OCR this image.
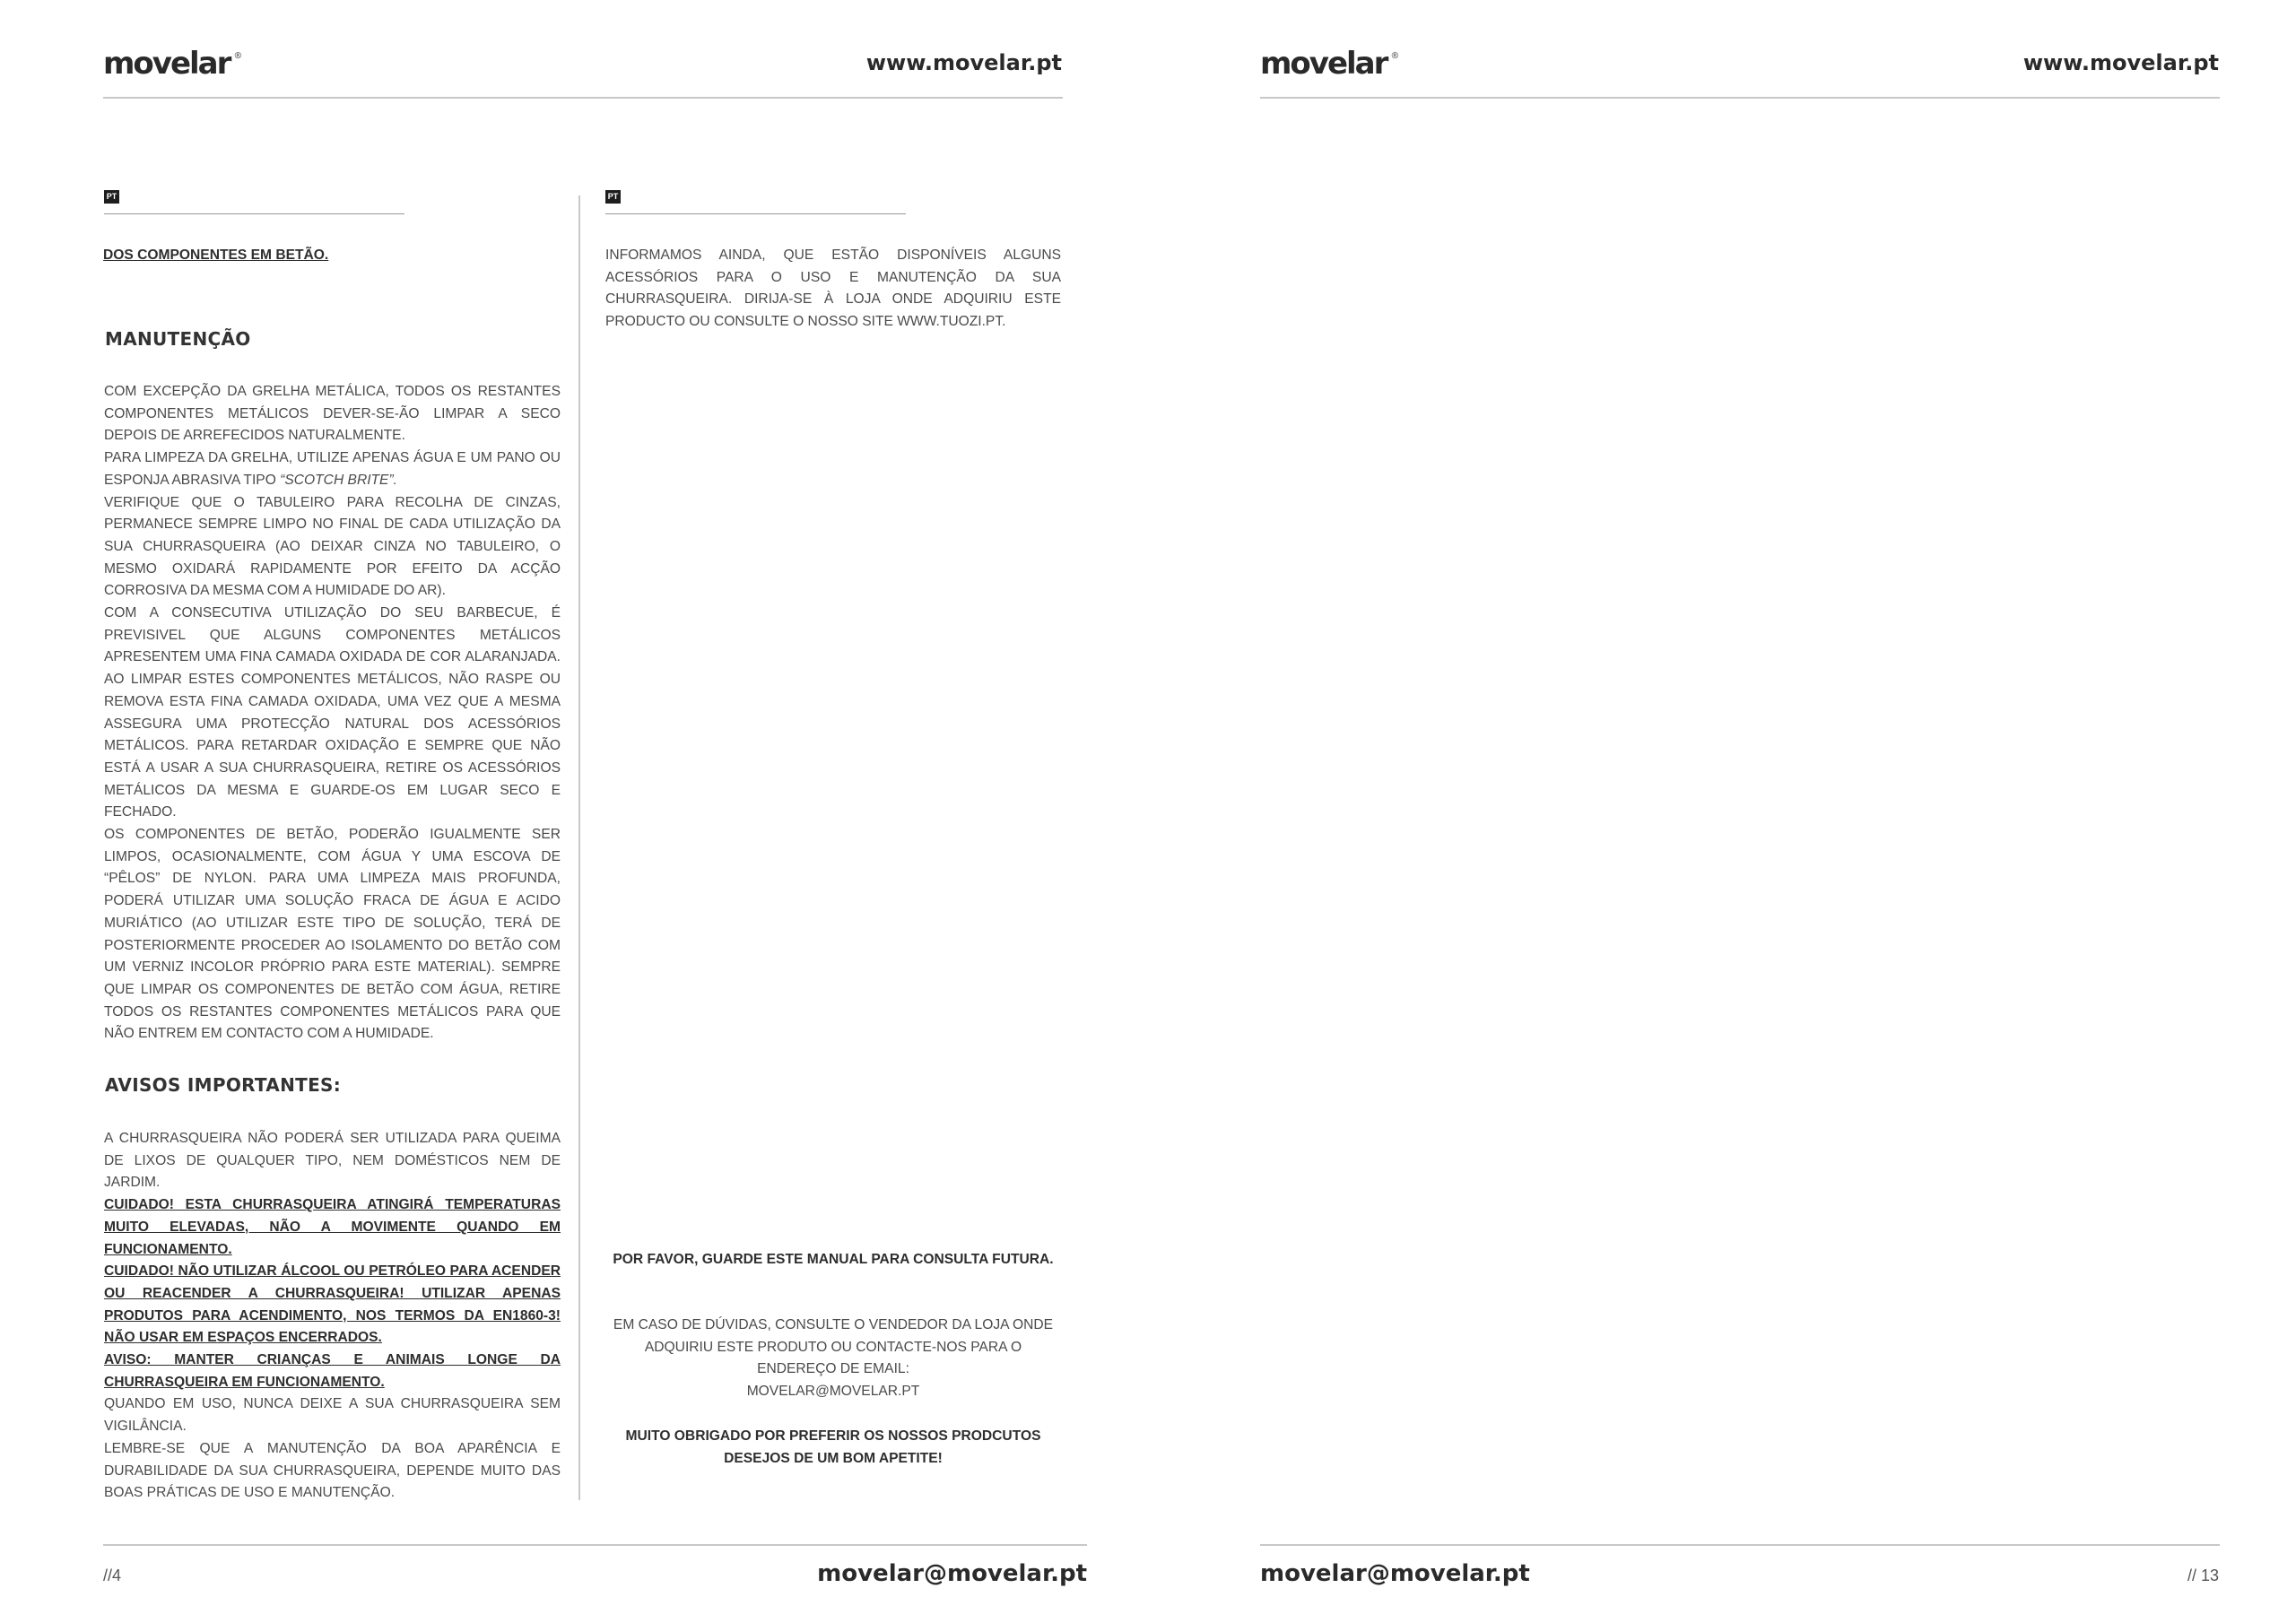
movelar ®	www.movelar.pt	movelar ®	www.movelar.pt
PT
DOS COMPONENTES EM BETÃO.
MANUTENÇÃO

COM EXCEPÇÃO DA GRELHA METÁLICA, TODOS OS RESTANTES COMPONENTES METÁLICOS DEVER-SE-ÃO LIMPAR A SECO DEPOIS DE ARREFECIDOS NATURALMENTE.

PARA LIMPEZA DA GRELHA, UTILIZE APENAS ÁGUA E UM PANO OU ESPONJA ABRASIVA TIPO “SCOTCH BRITE”.

VERIFIQUE QUE O TABULEIRO PARA RECOLHA DE CINZAS, PERMANECE SEMPRE LIMPO NO FINAL DE CADA UTILIZAÇÃO DA SUA CHURRASQUEIRA (AO DEIXAR CINZA NO TABULEIRO, O MESMO OXIDARÁ RAPIDAMENTE POR EFEITO DA ACÇÃO CORROSIVA DA MESMA COM A HUMIDADE DO AR).

COM A CONSECUTIVA UTILIZAÇÃO DO SEU BARBECUE, É PREVISIVEL QUE ALGUNS COMPONENTES METÁLICOS APRESENTEM UMA FINA CAMADA OXIDADA DE COR ALARANJADA. AO LIMPAR ESTES COMPONENTES METÁLICOS, NÃO RASPE OU REMOVA ESTA FINA CAMADA OXIDADA, UMA VEZ QUE A MESMA ASSEGURA UMA PROTECÇÃO NATURAL DOS ACESSÓRIOS METÁLICOS. PARA RETARDAR OXIDAÇÃO E SEMPRE QUE NÃO ESTÁ A USAR A SUA CHURRASQUEIRA, RETIRE OS ACESSÓRIOS METÁLICOS DA MESMA E GUARDE-OS EM LUGAR SECO E FECHADO.

OS COMPONENTES DE BETÃO, PODERÃO IGUALMENTE SER LIMPOS, OCASIONALMENTE, COM ÁGUA Y UMA ESCOVA DE “PÊLOS” DE NYLON. PARA UMA LIMPEZA MAIS PROFUNDA, PODERÁ UTILIZAR UMA SOLUÇÃO FRACA DE ÁGUA E ACIDO MURIÁTICO (AO UTILIZAR ESTE TIPO DE SOLUÇÃO, TERÁ DE POSTERIORMENTE PROCEDER AO ISOLAMENTO DO BETÃO COM UM VERNIZ INCOLOR PRÓPRIO PARA ESTE MATERIAL). SEMPRE QUE LIMPAR OS COMPONENTES DE BETÃO COM ÁGUA, RETIRE TODOS OS RESTANTES COMPONENTES METÁLICOS PARA QUE NÃO ENTREM EM CONTACTO COM A HUMIDADE.

AVISOS IMPORTANTES:

A CHURRASQUEIRA NÃO PODERÁ SER UTILIZADA PARA QUEIMA DE LIXOS DE QUALQUER TIPO, NEM DOMÉSTICOS NEM DE JARDIM.

CUIDADO! ESTA CHURRASQUEIRA ATINGIRÁ TEMPERATURAS MUITO ELEVADAS, NÃO A MOVIMENTE QUANDO EM FUNCIONAMENTO.

CUIDADO! NÃO UTILIZAR ÁLCOOL OU PETRÓLEO PARA ACENDER OU REACENDER A CHURRASQUEIRA! UTILIZAR APENAS PRODUTOS PARA ACENDIMENTO, NOS TERMOS DA EN1860-3! NÃO USAR EM ESPAÇOS ENCERRADOS.

AVISO: MANTER CRIANÇAS E ANIMAIS LONGE DA CHURRASQUEIRA EM FUNCIONAMENTO.

QUANDO EM USO, NUNCA DEIXE A SUA CHURRASQUEIRA SEM VIGILÂNCIA.

LEMBRE-SE QUE A MANUTENÇÃO DA BOA APARÊNCIA E DURABILIDADE DA SUA CHURRASQUEIRA, DEPENDE MUITO DAS BOAS PRÁTICAS DE USO E MANUTENÇÃO.

PT
INFORMAMOS AINDA, QUE ESTÃO DISPONÍVEIS ALGUNS ACESSÓRIOS PARA O USO E MANUTENÇÃO DA SUA CHURRASQUEIRA. DIRIJA-SE À LOJA ONDE ADQUIRIU ESTE PRODUCTO OU CONSULTE O NOSSO SITE WWW.TUOZI.PT.
POR FAVOR, GUARDE ESTE MANUAL PARA CONSULTA FUTURA.
EM CASO DE DÚVIDAS, CONSULTE O VENDEDOR DA LOJA ONDE ADQUIRIU ESTE PRODUTO OU CONTACTE-NOS PARA O ENDEREÇO DE EMAIL:
MOVELAR@MOVELAR.PT
MUITO OBRIGADO POR PREFERIR OS NOSSOS PRODCUTOS DESEJOS DE UM BOM APETITE!
//4	movelar@movelar.pt	movelar@movelar.pt	// 13
